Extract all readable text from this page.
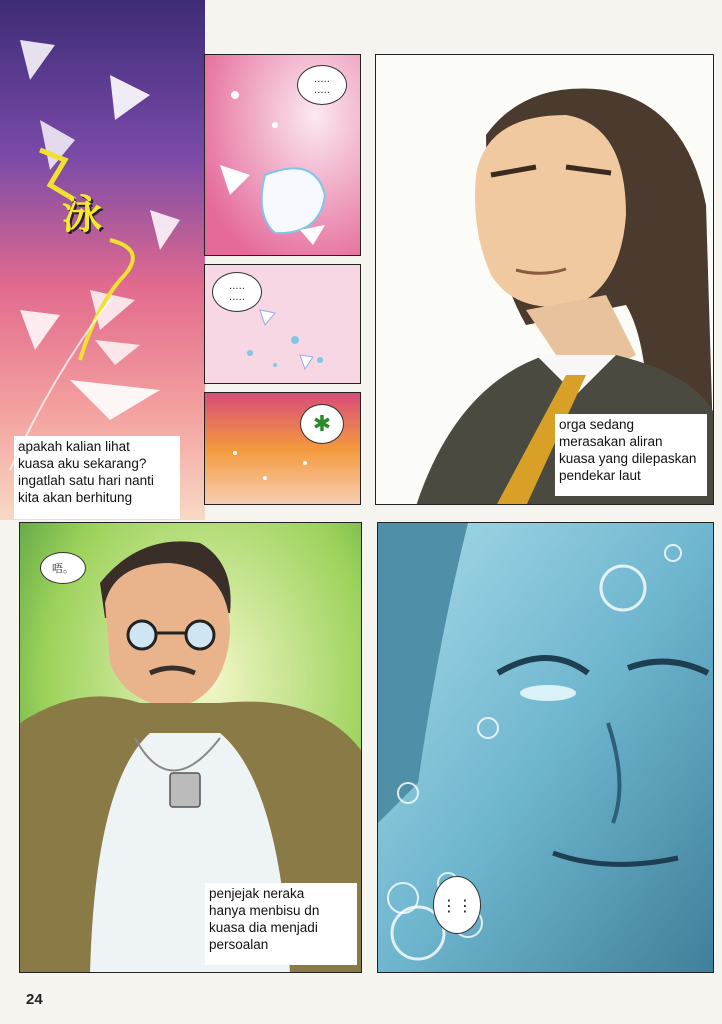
泳
apakah kalian lihat
kuasa aku sekarang?
ingatlah satu hari nanti
kita akan berhitung
.....
.....
.....
.....
✱	orga sedang
merasakan aliran
kuasa yang dilepaskan
pendekar laut
唔。
penjejak neraka
hanya menbisu dn
kuasa dia menjadi
persoalan
⋮⋮
24
